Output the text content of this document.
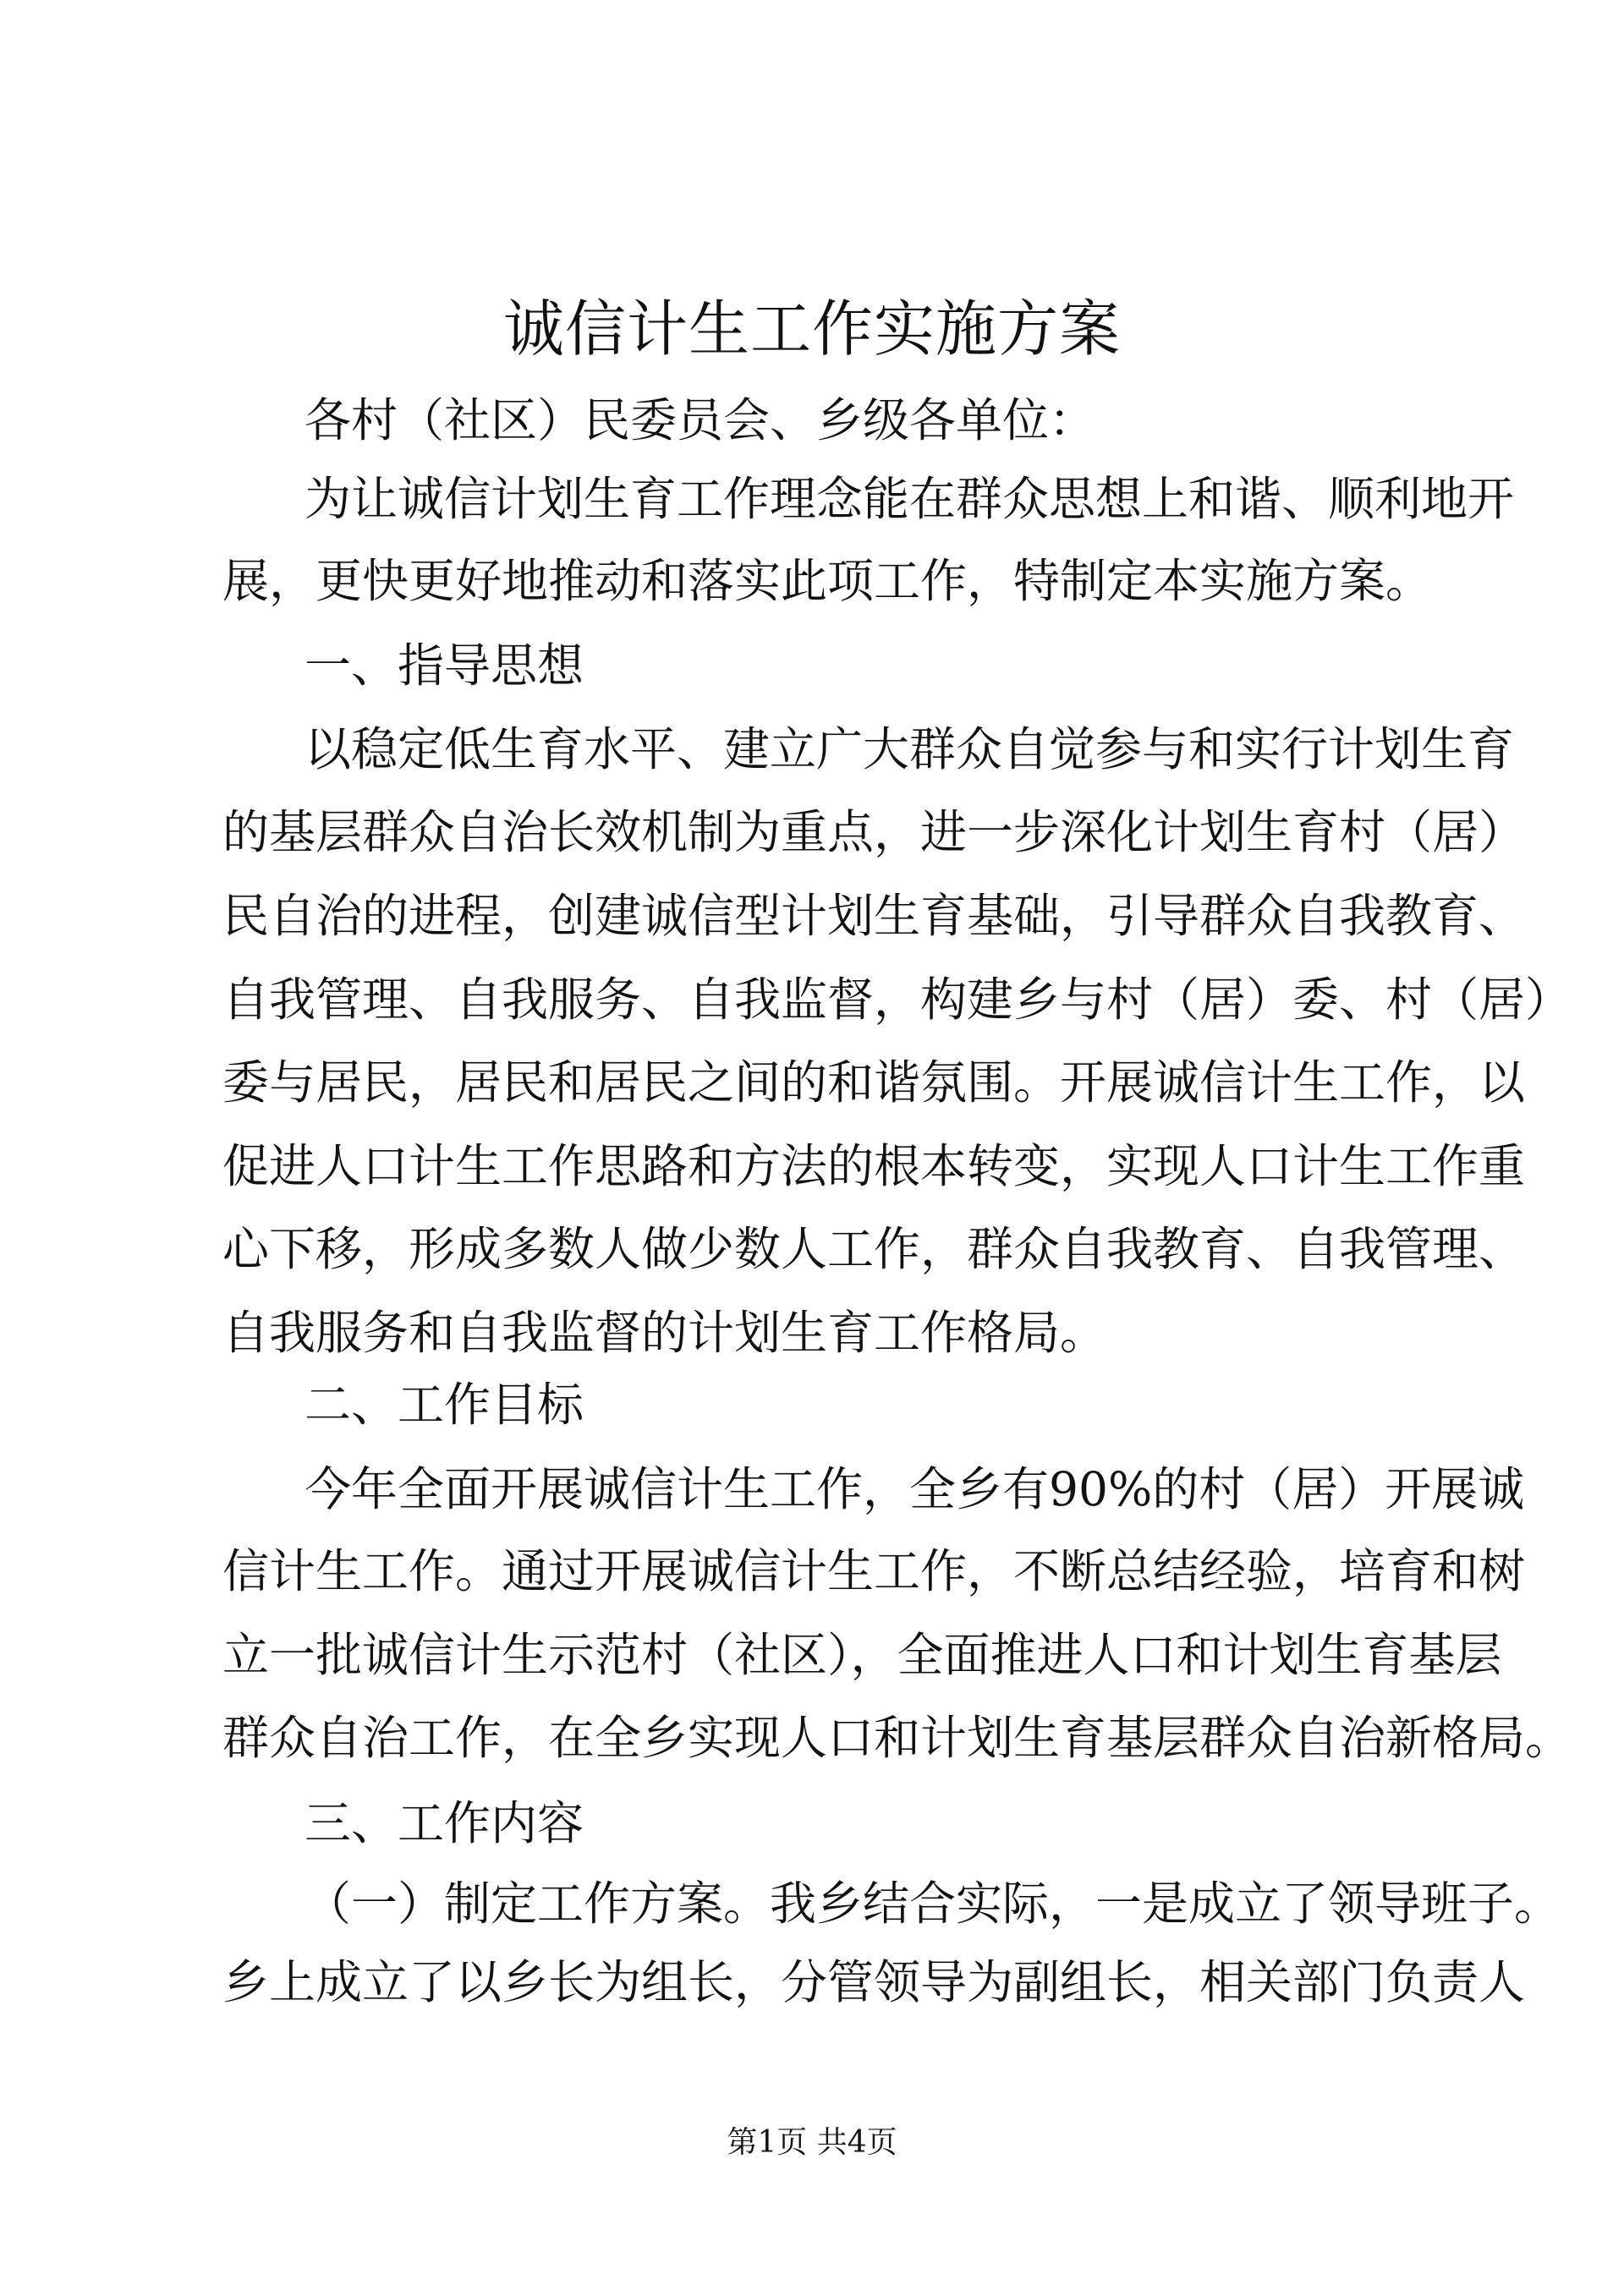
诚信计生工作实施方案
各村（社区）民委员会、乡级各单位：
为让诚信计划生育工作理念能在群众思想上和谐、顺利地开
展，更快更好地推动和落实此项工作，特制定本实施方案。
一、指导思想
以稳定低生育水平、建立广大群众自觉参与和实行计划生育
的基层群众自治长效机制为重点，进一步深化计划生育村（居）
民自治的进程，创建诚信型计划生育基础，引导群众自我教育、
自我管理、自我服务、自我监督，构建乡与村（居）委、村（居）
委与居民，居民和居民之间的和谐氛围。开展诚信计生工作，以
促进人口计生工作思路和方法的根本转变，实现人口计生工作重
心下移，形成多数人做少数人工作，群众自我教育、自我管理、
自我服务和自我监督的计划生育工作格局。
二、工作目标
今年全面开展诚信计生工作，全乡有90%的村（居）开展诚
信计生工作。通过开展诚信计生工作，不断总结经验，培育和树
立一批诚信计生示范村（社区），全面推进人口和计划生育基层
群众自治工作，在全乡实现人口和计划生育基层群众自治新格局。
三、工作内容
（一）制定工作方案。我乡结合实际，一是成立了领导班子。
乡上成立了以乡长为组长，分管领导为副组长，相关部门负责人
第1页 共4页
